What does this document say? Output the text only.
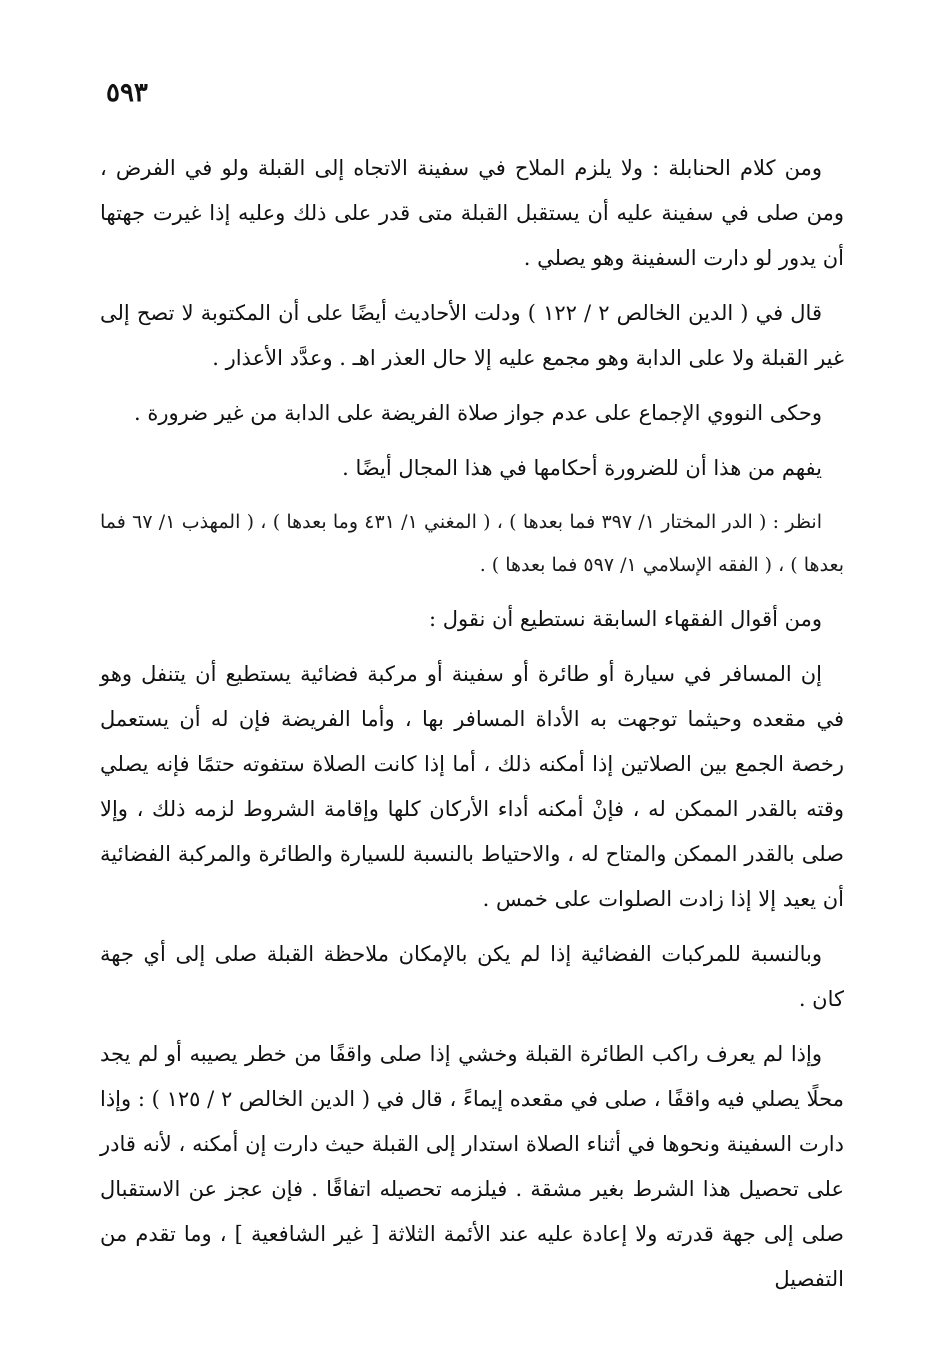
٥٩٣

ومن كلام الحنابلة : ولا يلزم الملاح في سفينة الاتجاه إلى القبلة ولو في الفرض ، ومن صلى في سفينة عليه أن يستقبل القبلة متى قدر على ذلك وعليه إذا غيرت جهتها أن يدور لو دارت السفينة وهو يصلي .

قال في ( الدين الخالص ٢ / ١٢٢ ) ودلت الأحاديث أيضًا على أن المكتوبة لا تصح إلى غير القبلة ولا على الدابة وهو مجمع عليه إلا حال العذر اهـ . وعدَّد الأعذار .

وحكى النووي الإجماع على عدم جواز صلاة الفريضة على الدابة من غير ضرورة .

يفهم من هذا أن للضرورة أحكامها في هذا المجال أيضًا .

انظر : ( الدر المختار ١/ ٣٩٧ فما بعدها ) ، ( المغني ١/ ٤٣١ وما بعدها ) ، ( المهذب ١/ ٦٧ فما بعدها ) ، ( الفقه الإسلامي ١/ ٥٩٧ فما بعدها ) .

ومن أقوال الفقهاء السابقة نستطيع أن نقول :

إن المسافر في سيارة أو طائرة أو سفينة أو مركبة فضائية يستطيع أن يتنفل وهو في مقعده وحيثما توجهت به الأداة المسافر بها ، وأما الفريضة فإن له أن يستعمل رخصة الجمع بين الصلاتين إذا أمكنه ذلك ، أما إذا كانت الصلاة ستفوته حتمًا فإنه يصلي وقته بالقدر الممكن له ، فإنْ أمكنه أداء الأركان كلها وإقامة الشروط لزمه ذلك ، وإلا صلى بالقدر الممكن والمتاح له ، والاحتياط بالنسبة للسيارة والطائرة والمركبة الفضائية أن يعيد إلا إذا زادت الصلوات على خمس .

وبالنسبة للمركبات الفضائية إذا لم يكن بالإمكان ملاحظة القبلة صلى إلى أي جهة كان .

وإذا لم يعرف راكب الطائرة القبلة وخشي إذا صلى واقفًا من خطر يصيبه أو لم يجد محلًا يصلي فيه واقفًا ، صلى في مقعده إيماءً ، قال في ( الدين الخالص ٢ / ١٢٥ ) : وإذا دارت السفينة ونحوها في أثناء الصلاة استدار إلى القبلة حيث دارت إن أمكنه ، لأنه قادر على تحصيل هذا الشرط بغير مشقة . فيلزمه تحصيله اتفاقًا . فإن عجز عن الاستقبال صلى إلى جهة قدرته ولا إعادة عليه عند الأئمة الثلاثة [ غير الشافعية ] ، وما تقدم من التفصيل
